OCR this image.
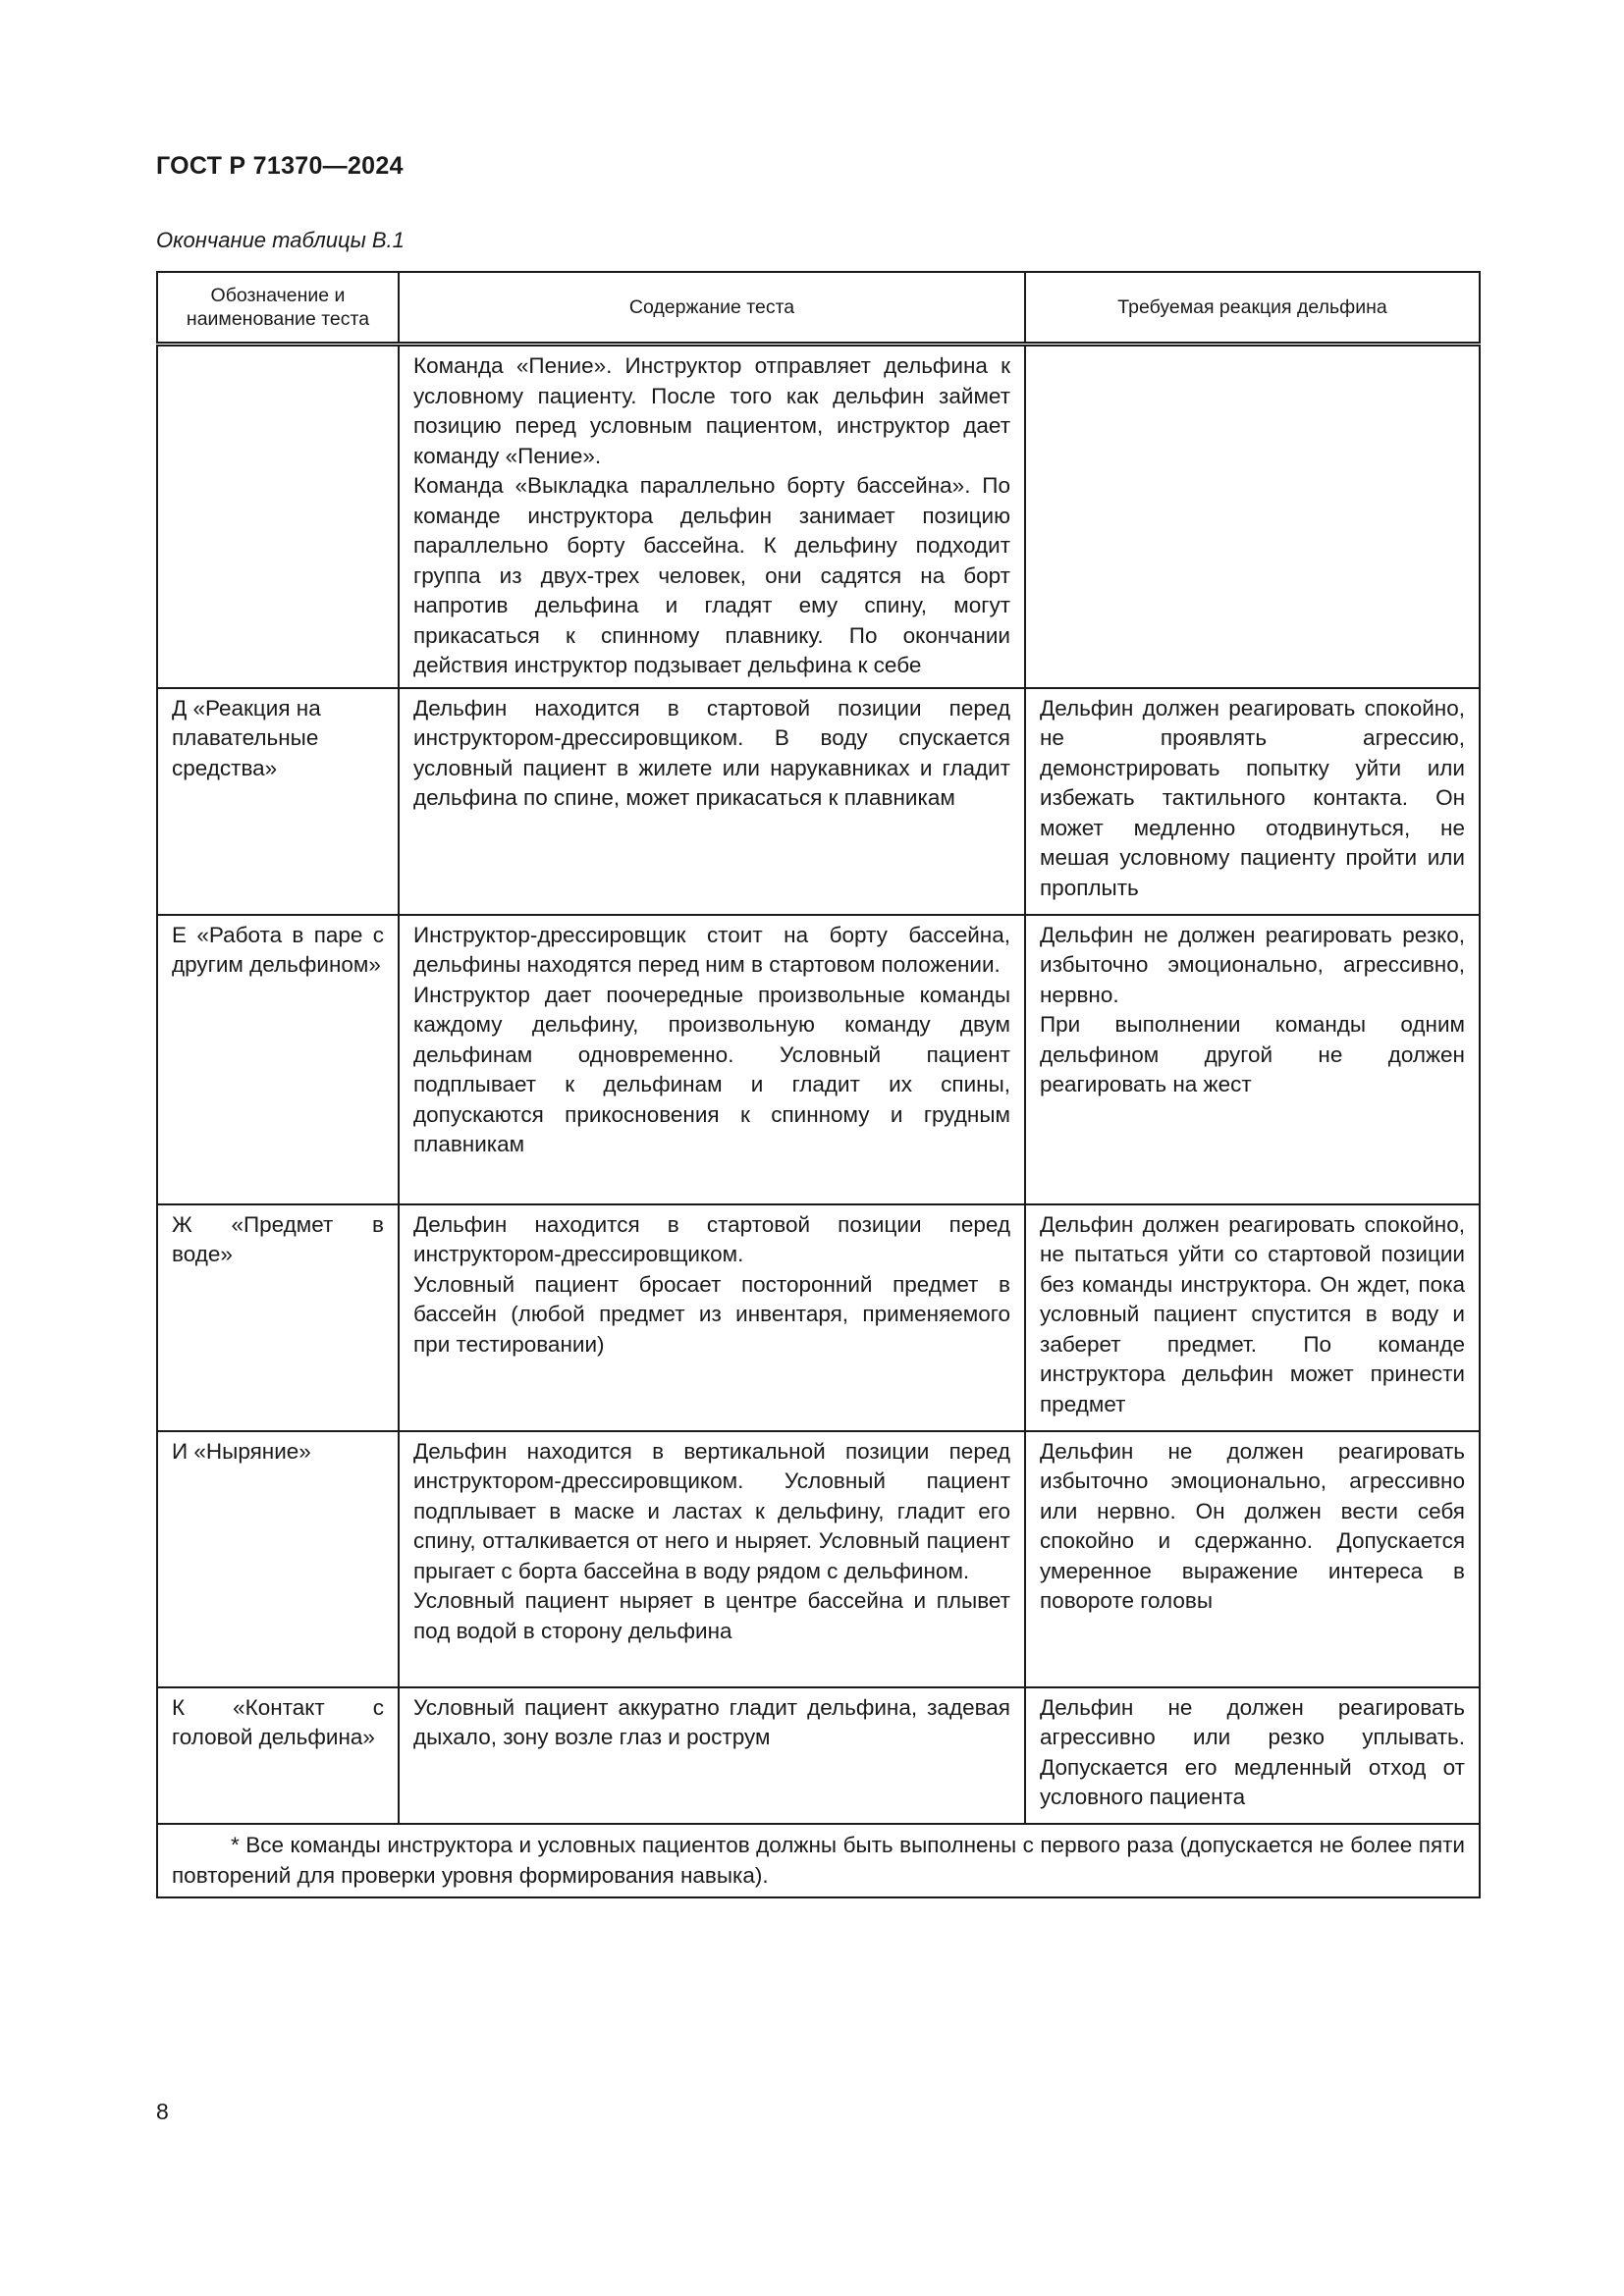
ГОСТ Р 71370—2024
Окончание таблицы В.1
Обозначение и
наименование теста	Содержание теста	Требуемая реакция дельфина

	Команда «Пение». Инструктор отправляет дельфина к условному пациенту. После того как дельфин займет позицию перед условным пациентом, инструктор дает команду «Пение».
Команда «Выкладка параллельно борту бассейна». По команде инструктора дельфин занимает позицию параллельно борту бассейна. К дельфину подходит группа из двух-трех человек, они садятся на борт напротив дельфина и гладят ему спину, могут прикасаться к спинному плавнику. По окончании действия инструктор подзывает дельфина к себе	

Д «Реакция на плавательные средства»	Дельфин находится в стартовой позиции перед инструктором-дрессировщиком. В воду спускается условный пациент в жилете или нарукавниках и гладит дельфина по спине, может прикасаться к плавникам	Дельфин должен реагировать спокойно, не проявлять агрессию, демонстрировать попытку уйти или избежать тактильного контакта. Он может медленно отодвинуться, не мешая условному пациенту пройти или проплыть

Е «Работа в паре с другим дельфином»	Инструктор-дрессировщик стоит на борту бассейна, дельфины находятся перед ним в стартовом положении.
Инструктор дает поочередные произвольные команды каждому дельфину, произвольную команду двум дельфинам одновременно. Условный пациент подплывает к дельфинам и гладит их спины, допускаются прикосновения к спинному и грудным плавникам	Дельфин не должен реагировать резко, избыточно эмоционально, агрессивно, нервно.
При выполнении команды одним дельфином другой не должен реагировать на жест

Ж «Предмет в воде»	Дельфин находится в стартовой позиции перед инструктором-дрессировщиком.
Условный пациент бросает посторонний предмет в бассейн (любой предмет из инвентаря, применяемого при тестировании)	Дельфин должен реагировать спокойно, не пытаться уйти со стартовой позиции без команды инструктора. Он ждет, пока условный пациент спустится в воду и заберет предмет. По команде инструктора дельфин может принести предмет

И «Ныряние»	Дельфин находится в вертикальной позиции перед инструктором-дрессировщиком. Условный пациент подплывает в маске и ластах к дельфину, гладит его спину, отталкивается от него и ныряет. Условный пациент прыгает с борта бассейна в воду рядом с дельфином.
Условный пациент ныряет в центре бассейна и плывет под водой в сторону дельфина	Дельфин не должен реагировать избыточно эмоционально, агрессивно или нервно. Он должен вести себя спокойно и сдержанно. Допускается умеренное выражение интереса в повороте головы

К «Контакт с головой дельфина»	Условный пациент аккуратно гладит дельфина, задевая дыхало, зону возле глаз и рострум	Дельфин не должен реагировать агрессивно или резко уплывать. Допускается его медленный отход от условного пациента

* Все команды инструктора и условных пациентов должны быть выполнены с первого раза (допускается не более пяти повторений для проверки уровня формирования навыка).		
8
